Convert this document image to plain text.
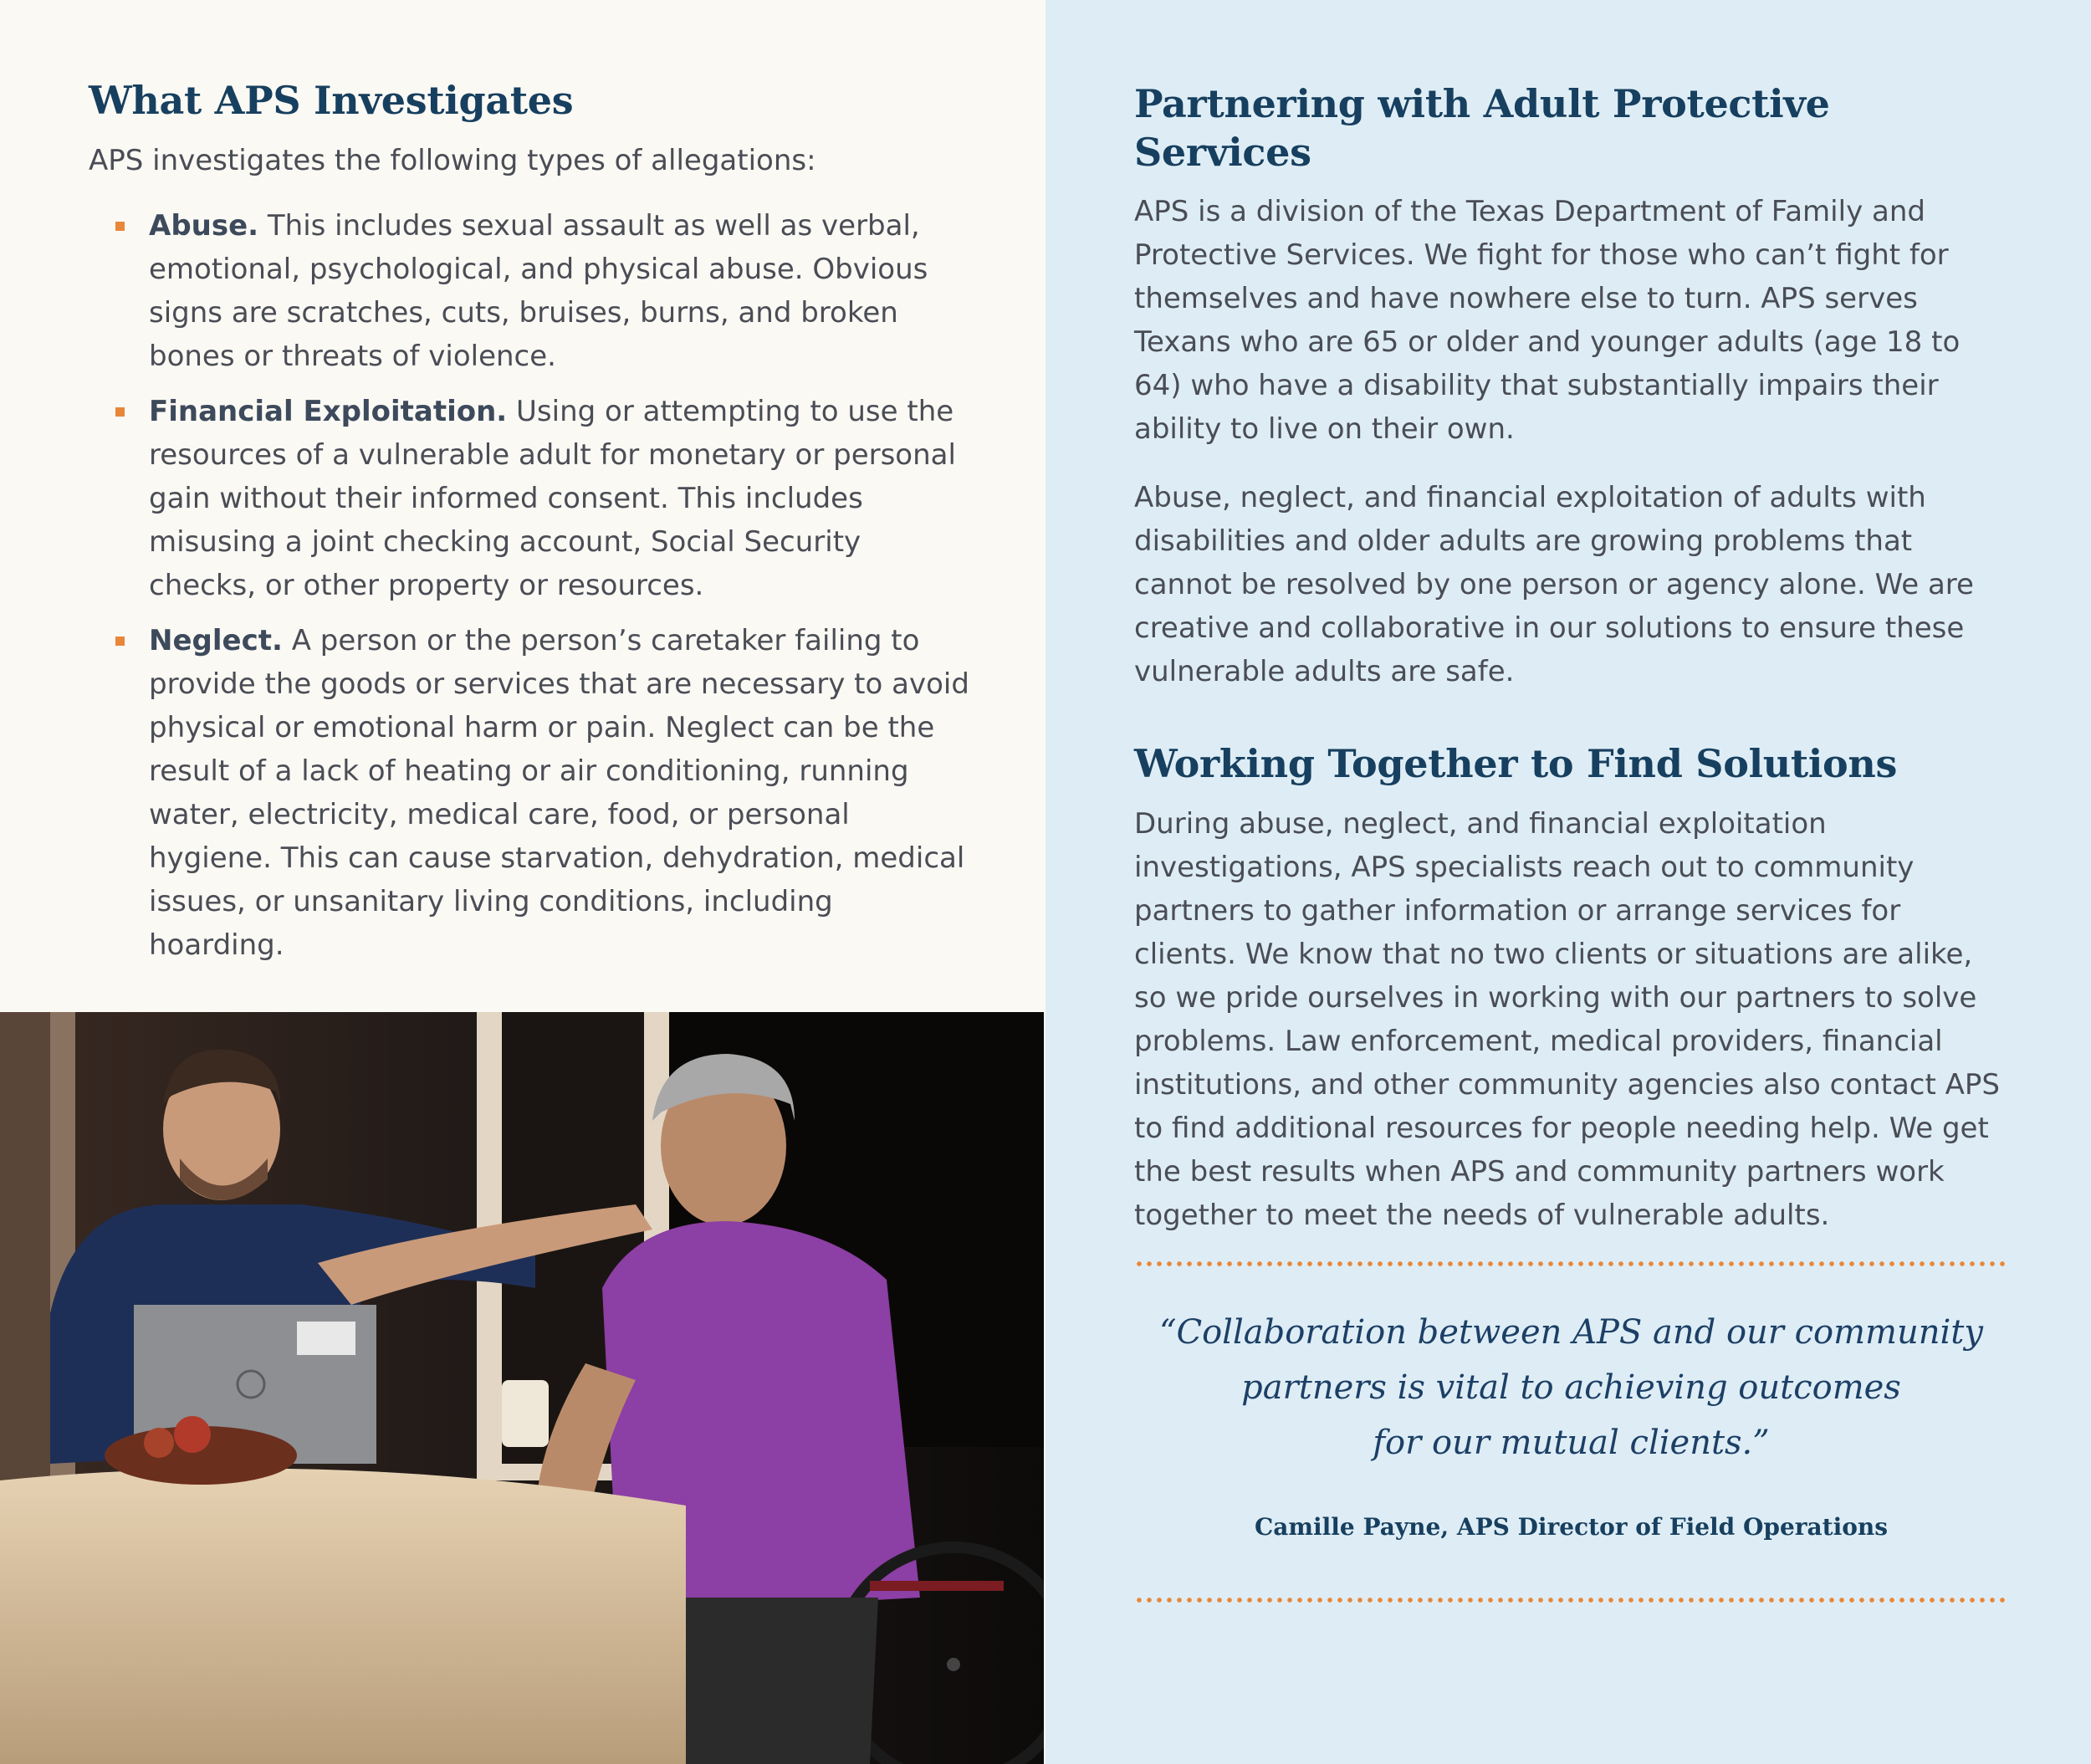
What APS Investigates

APS investigates the following types of allegations:

Abuse. This includes sexual assault as well as verbal, emotional, psychological, and physical abuse. Obvious signs are scratches, cuts, bruises, burns, and broken bones or threats of violence.
Financial Exploitation. Using or attempting to use the resources of a vulnerable adult for monetary or personal gain without their informed consent. This includes misusing a joint checking account, Social Security checks, or other property or resources.
Neglect. A person or the person’s caretaker failing to provide the goods or services that are necessary to avoid physical or emotional harm or pain. Neglect can be the result of a lack of heating or air conditioning, running water, electricity, medical care, food, or personal hygiene. This can cause starvation, dehydration, medical issues, or unsanitary living conditions, including hoarding.
Partnering with Adult Protective Services

APS is a division of the Texas Department of Family and Protective Services. We fight for those who can’t fight for themselves and have nowhere else to turn. APS serves Texans who are 65 or older and younger adults (age 18 to 64) who have a disability that substantially impairs their ability to live on their own.

Abuse, neglect, and financial exploitation of adults with disabilities and older adults are growing problems that cannot be resolved by one person or agency alone. We are creative and collaborative in our solutions to ensure these vulnerable adults are safe.

Working Together to Find Solutions

During abuse, neglect, and financial exploitation investigations, APS specialists reach out to community partners to gather information or arrange services for clients. We know that no two clients or situations are alike, so we pride ourselves in working with our partners to solve problems. Law enforcement, medical providers, financial institutions, and other community agencies also contact APS to find additional resources for people needing help. We get the best results when APS and community partners work together to meet the needs of vulnerable adults.

“Collaboration between APS and our community
partners is vital to achieving outcomes
for our mutual clients.”
Camille Payne, APS Director of Field Operations
